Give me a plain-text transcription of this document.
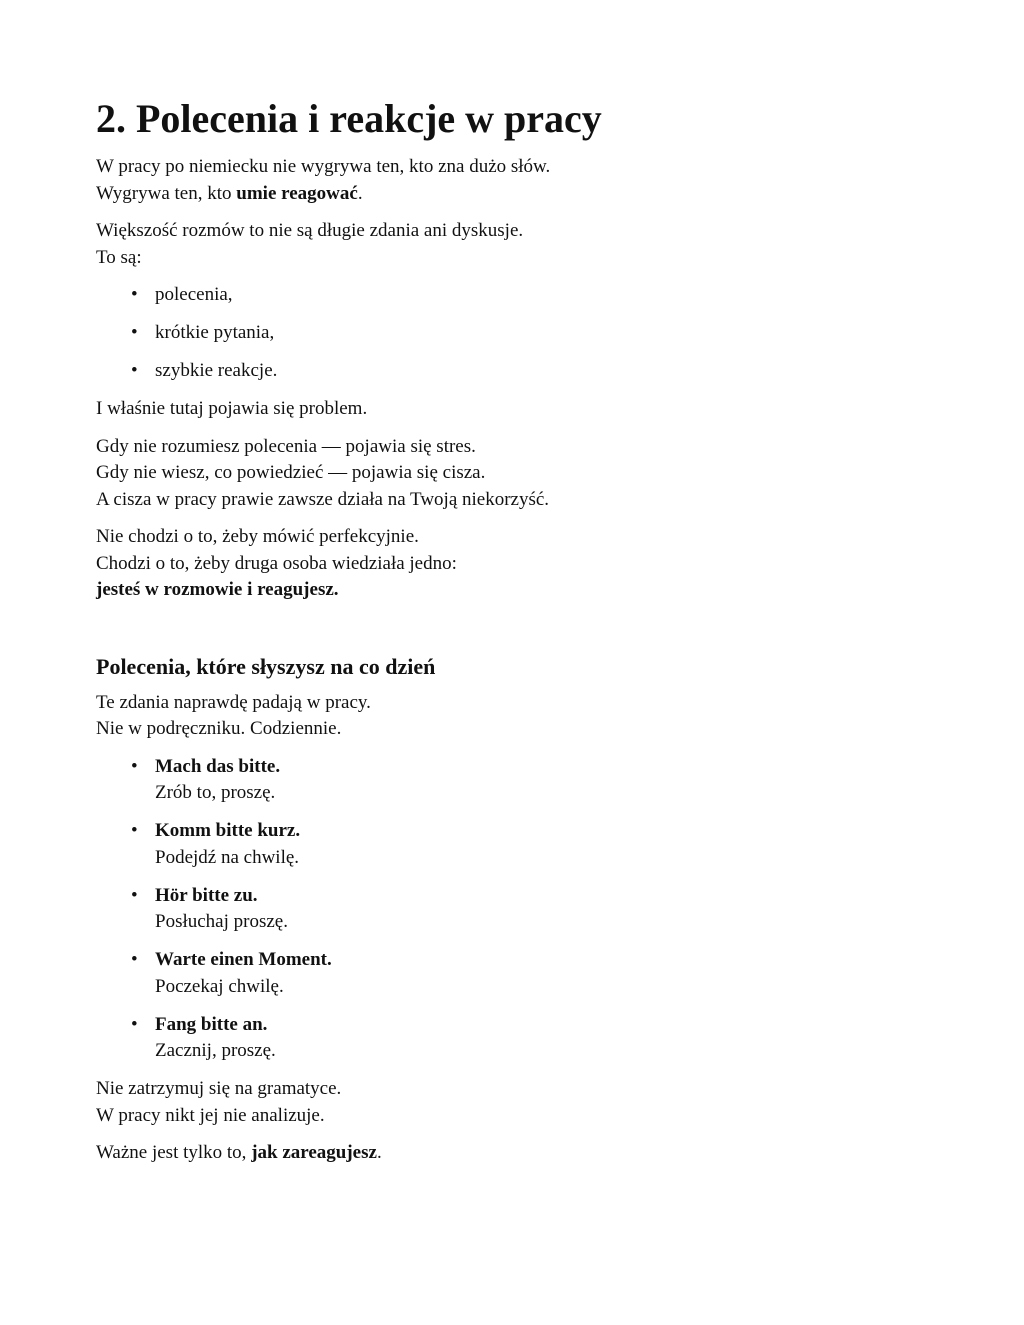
2. Polecenia i reakcje w pracy

W pracy po niemiecku nie wygrywa ten, kto zna dużo słów.
Wygrywa ten, kto umie reagować.

Większość rozmów to nie są długie zdania ani dyskusje.
To są:

• polecenia,
• krótkie pytania,
• szybkie reakcje.

I właśnie tutaj pojawia się problem.

Gdy nie rozumiesz polecenia — pojawia się stres.
Gdy nie wiesz, co powiedzieć — pojawia się cisza.
A cisza w pracy prawie zawsze działa na Twoją niekorzyść.

Nie chodzi o to, żeby mówić perfekcyjnie.
Chodzi o to, żeby druga osoba wiedziała jedno:
jesteś w rozmowie i reagujesz.

Polecenia, które słyszysz na co dzień

Te zdania naprawdę padają w pracy.
Nie w podręczniku. Codziennie.

• Mach das bitte.
Zrób to, proszę.
• Komm bitte kurz.
Podejdź na chwilę.
• Hör bitte zu.
Posłuchaj proszę.
• Warte einen Moment.
Poczekaj chwilę.
• Fang bitte an.
Zacznij, proszę.

Nie zatrzymuj się na gramatyce.
W pracy nikt jej nie analizuje.

Ważne jest tylko to, jak zareagujesz.
